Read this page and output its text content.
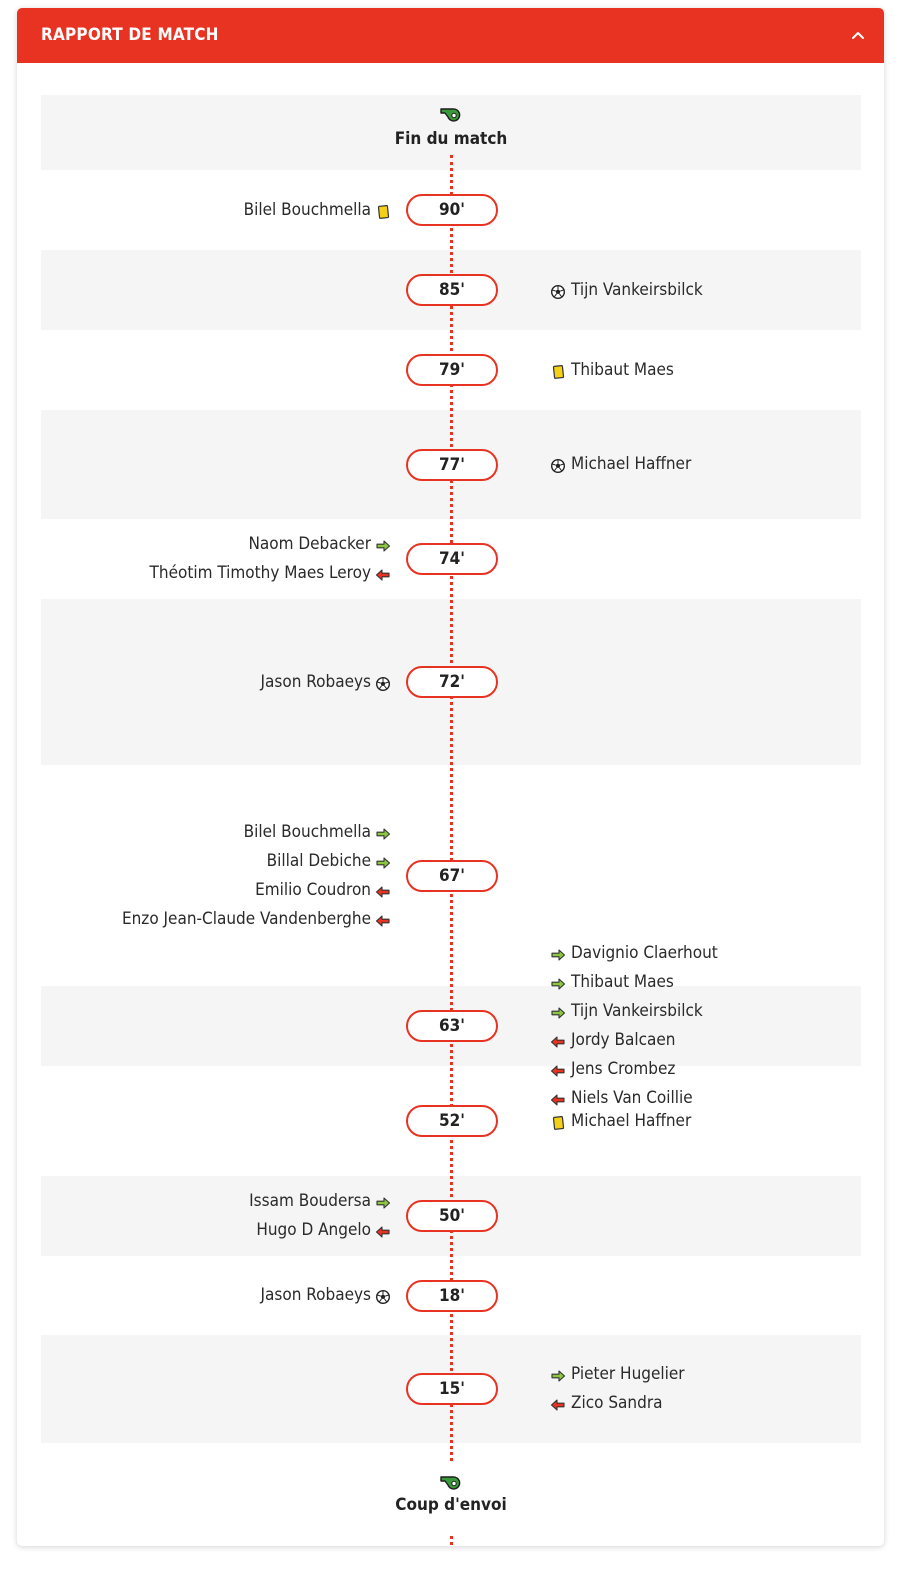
RAPPORT DE MATCH
Bilel Bouchmella
Tijn Vankeirsbilck
Thibaut Maes
Michael Haffner
Naom Debacker
Théotim Timothy Maes Leroy
Jason Robaeys
Bilel Bouchmella
Billal Debiche
Emilio Coudron
Enzo Jean-Claude Vandenberghe
Davignio Claerhout
Thibaut Maes
Tijn Vankeirsbilck
Jordy Balcaen
Jens Crombez
Niels Van Coillie
Michael Haffner
Issam Boudersa
Hugo D Angelo
Jason Robaeys
Pieter Hugelier
Zico Sandra
90'
85'
79'
77'
74'
72'
67'
63'
52'
50'
18'
15'
Fin du match
Coup d'envoi
